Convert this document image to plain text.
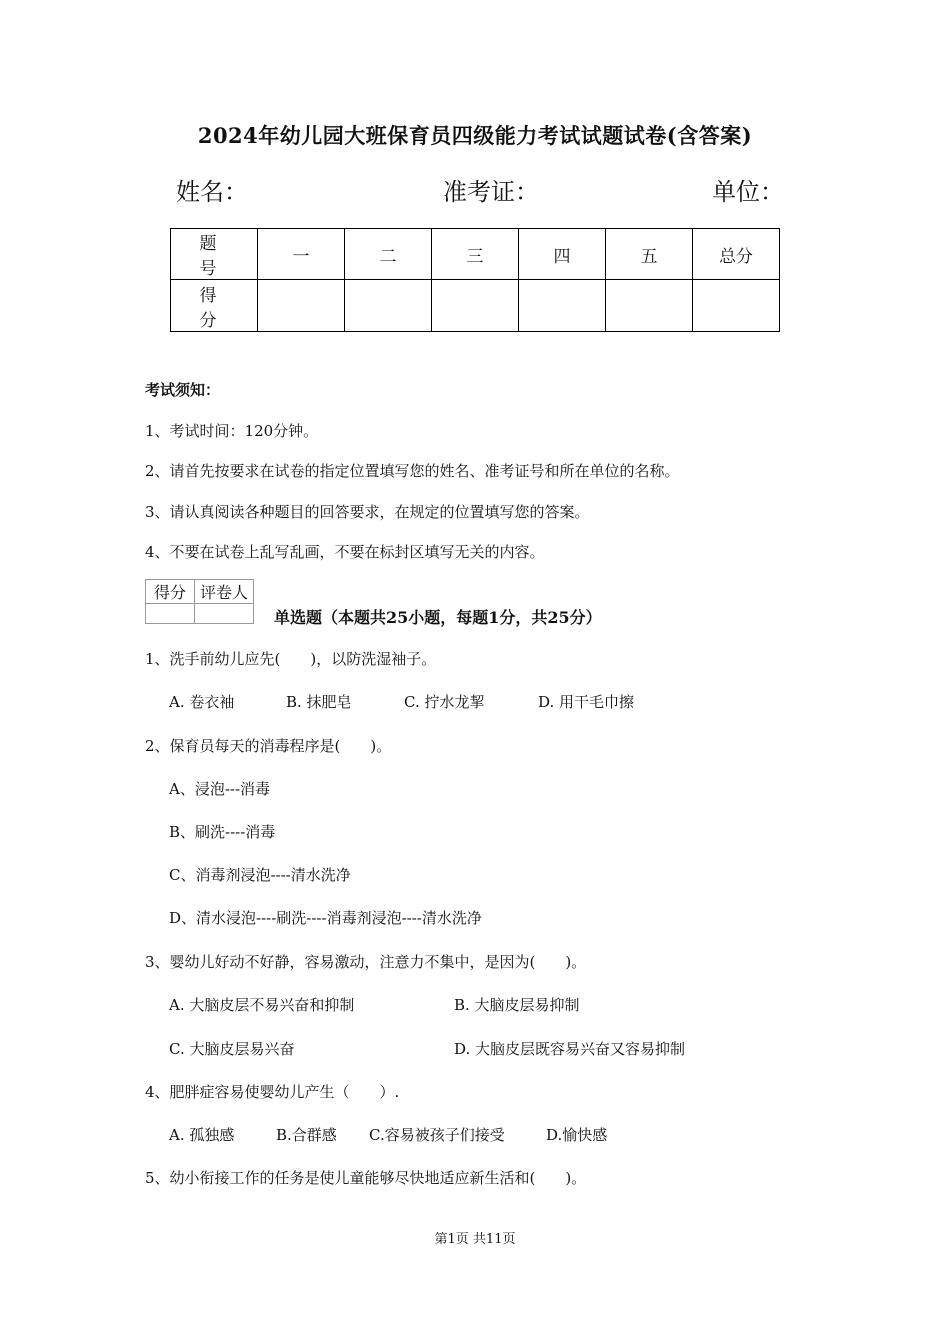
2024年幼儿园大班保育员四级能力考试试题试卷(含答案)
姓名：	准考证：	单位：
题　号	一	二	三	四	五	总分
得　分						
考试须知：
1、考试时间：120分钟。
2、请首先按要求在试卷的指定位置填写您的姓名、准考证号和所在单位的名称。
3、请认真阅读各种题目的回答要求，在规定的位置填写您的答案。
4、不要在试卷上乱写乱画，不要在标封区填写无关的内容。
得分	评卷人

单选题（本题共25小题，每题1分，共25分）
1、洗手前幼儿应先(　　)，以防洗湿袖子。
A. 卷衣袖	B. 抹肥皂	C. 拧水龙挈	D. 用干毛巾擦
2、保育员每天的消毒程序是(　　)。
A、浸泡---消毒
B、刷洗----消毒
C、消毒剂浸泡----清水洗净
D、清水浸泡----刷洗----消毒剂浸泡----清水洗净
3、婴幼儿好动不好静，容易激动，注意力不集中，是因为(　　)。
A. 大脑皮层不易兴奋和抑制	B. 大脑皮层易抑制
C. 大脑皮层易兴奋	D. 大脑皮层既容易兴奋又容易抑制
4、肥胖症容易使婴幼儿产生（　　）.
A. 孤独感	B.合群感 C.容易被孩子们接受	D.愉快感
5、幼小衔接工作的任务是使儿童能够尽快地适应新生活和(　　)。
第1页 共11页
